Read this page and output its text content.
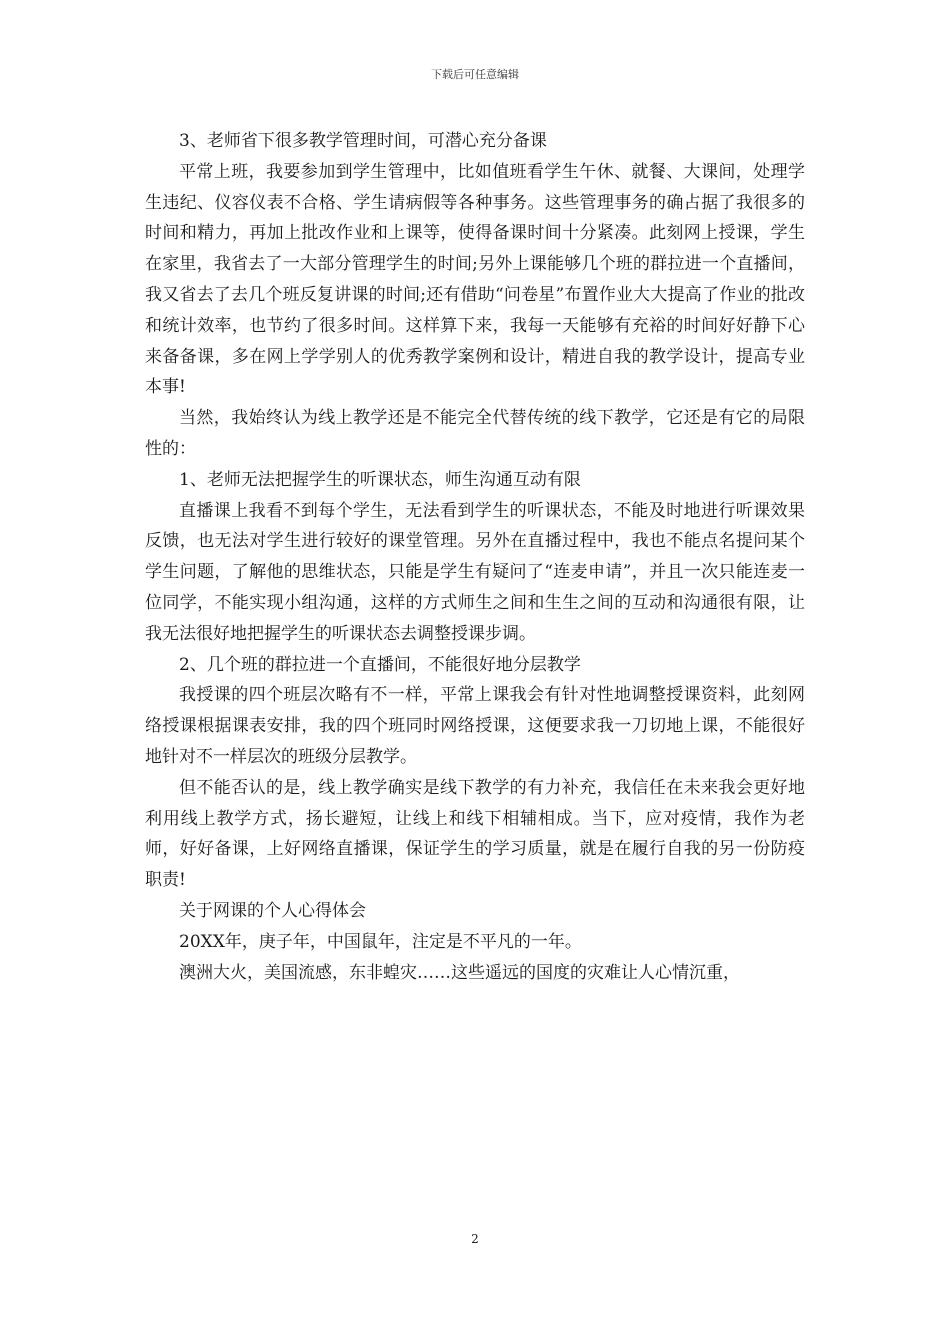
下载后可任意编辑

3、老师省下很多教学管理时间，可潜心充分备课

平常上班，我要参加到学生管理中，比如值班看学生午休、就餐、大课间，处理学生违纪、仪容仪表不合格、学生请病假等各种事务。这些管理事务的确占据了我很多的时间和精力，再加上批改作业和上课等，使得备课时间十分紧凑。此刻网上授课，学生在家里，我省去了一大部分管理学生的时间;另外上课能够几个班的群拉进一个直播间，我又省去了去几个班反复讲课的时间;还有借助“问卷星”布置作业大大提高了作业的批改和统计效率，也节约了很多时间。这样算下来，我每一天能够有充裕的时间好好静下心来备备课，多在网上学学别人的优秀教学案例和设计，精进自我的教学设计，提高专业本事!

当然，我始终认为线上教学还是不能完全代替传统的线下教学，它还是有它的局限性的：

1、老师无法把握学生的听课状态，师生沟通互动有限

直播课上我看不到每个学生，无法看到学生的听课状态，不能及时地进行听课效果反馈，也无法对学生进行较好的课堂管理。另外在直播过程中，我也不能点名提问某个学生问题，了解他的思维状态，只能是学生有疑问了“连麦申请”，并且一次只能连麦一位同学，不能实现小组沟通，这样的方式师生之间和生生之间的互动和沟通很有限，让我无法很好地把握学生的听课状态去调整授课步调。

2、几个班的群拉进一个直播间，不能很好地分层教学

我授课的四个班层次略有不一样，平常上课我会有针对性地调整授课资料，此刻网络授课根据课表安排，我的四个班同时网络授课，这便要求我一刀切地上课，不能很好地针对不一样层次的班级分层教学。

但不能否认的是，线上教学确实是线下教学的有力补充，我信任在未来我会更好地利用线上教学方式，扬长避短，让线上和线下相辅相成。当下，应对疫情，我作为老师，好好备课，上好网络直播课，保证学生的学习质量，就是在履行自我的另一份防疫职责!

关于网课的个人心得体会

20XX年，庚子年，中国鼠年，注定是不平凡的一年。

澳洲大火，美国流感，东非蝗灾……这些遥远的国度的灾难让人心情沉重，

2
